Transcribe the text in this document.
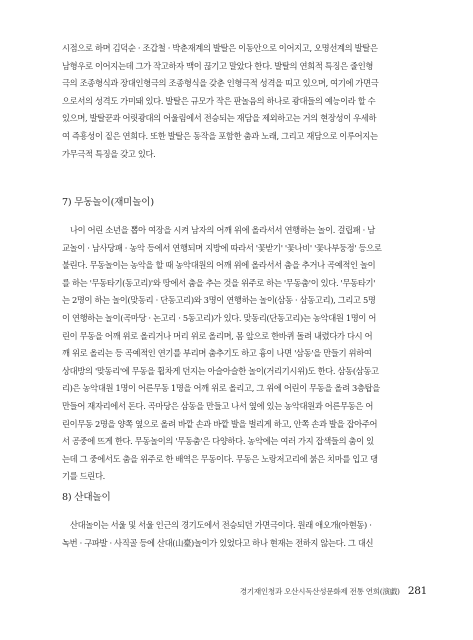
시점으로 하며 김덕순 · 조갑철 · 박춘재계의 발탈은 이동안으로 이어지고, 오명선계의 발탈은
남형우로 이어지는데 그가 작고하자 맥이 끊기고 말았다 한다. 발탈의 연희적 특징은 줄인형
극의 조종형식과 장대인형극의 조종형식을 갖춘 인형극적 성격을 띠고 있으며, 여기에 가면극
으로서의 성격도 가미돼 있다. 발탈은 규모가 작은 판놀음의 하나로 광대들의 예능이라 할 수
있으며, 발탈꾼과 어릿광대의 어울림에서 전승되는 재담을 제외하고는 거의 현장성이 우세하
여 즉흥성이 짙은 연희다. 또한 발탈은 동작을 포함한 춤과 노래, 그리고 재담으로 이루어지는
가무극적 특징을 갖고 있다.
7) 무동놀이(재미놀이)
나이 어린 소년을 뽑아 여장을 시켜 남자의 어깨 위에 올라서서 연행하는 놀이. 걸립패 · 남
교놀이 · 남사당패 · 농악 등에서 연행되며 지방에 따라서 '꽃받기' '꽃나비' '꽃나부둥정' 등으로
불린다. 무동놀이는 농악을 할 때 농악대원의 어깨 위에 올라서서 춤을 추거나 곡예적인 놀이
를 하는 '무동타기(동고리)'와 땅에서 춤을 추는 것을 위주로 하는 '무동춤'이 있다. '무동타기'
는 2명이 하는 놀이(맞동리 · 단동고리)와 3명이 연행하는 놀이(삼동 · 삼동고리), 그리고 5명
이 연행하는 놀이(곡마당 · 논고리 · 5동고리)가 있다. 맞동리(단동고리)는 농악대원 1명이 어
린이 무동을 어깨 위로 올리거나 머리 위로 올리며, 몸 앞으로 한바퀴 돌려 내렸다가 다시 어
깨 위로 올리는 등 곡예적인 연기를 부리며 춤추기도 하고 흉이 나면 '삼동'을 만들기 위하여
상대방의 '맞동리'에 무동을 휩차게 던지는 아슬아슬한 놀이(거리기시위)도 한다. 삼동(삼동고
리)은 농악대원 1명이 어른무동 1명을 어깨 위로 올리고, 그 위에 어린이 무동을 올려 3층탑을
만들어 재자리에서 돈다. 곡마당은 삼동을 만들고 나서 옆에 있는 농악대원과 어른무동은 어
린이무동 2명을 양쪽 옆으로 올려 바깥 손과 바깥 발을 벌리게 하고, 안쪽 손과 발을 잡아주어
서 공중에 뜨게 한다. 무동놀이의 '무동춤'은 다양하다. 농악에는 여러 가지 잡색들의 춤이 있
는데 그 중에서도 춤을 위주로 한 배역은 무동이다. 무동은 노랑저고리에 붉은 치마를 입고 댕
기를 드린다.
8) 산대놀이
산대놀이는 서울 및 서울 인근의 경기도에서 전승되던 가면극이다. 원래 애오개(아현동) ·
녹번 · 구파발 · 사직골 등에 산대(山臺)놀이가 있었다고 하나 현재는 전하지 않는다. 그 대신
경기재인청과 오산시독산성문화제 전통 연희(演戱) 281
